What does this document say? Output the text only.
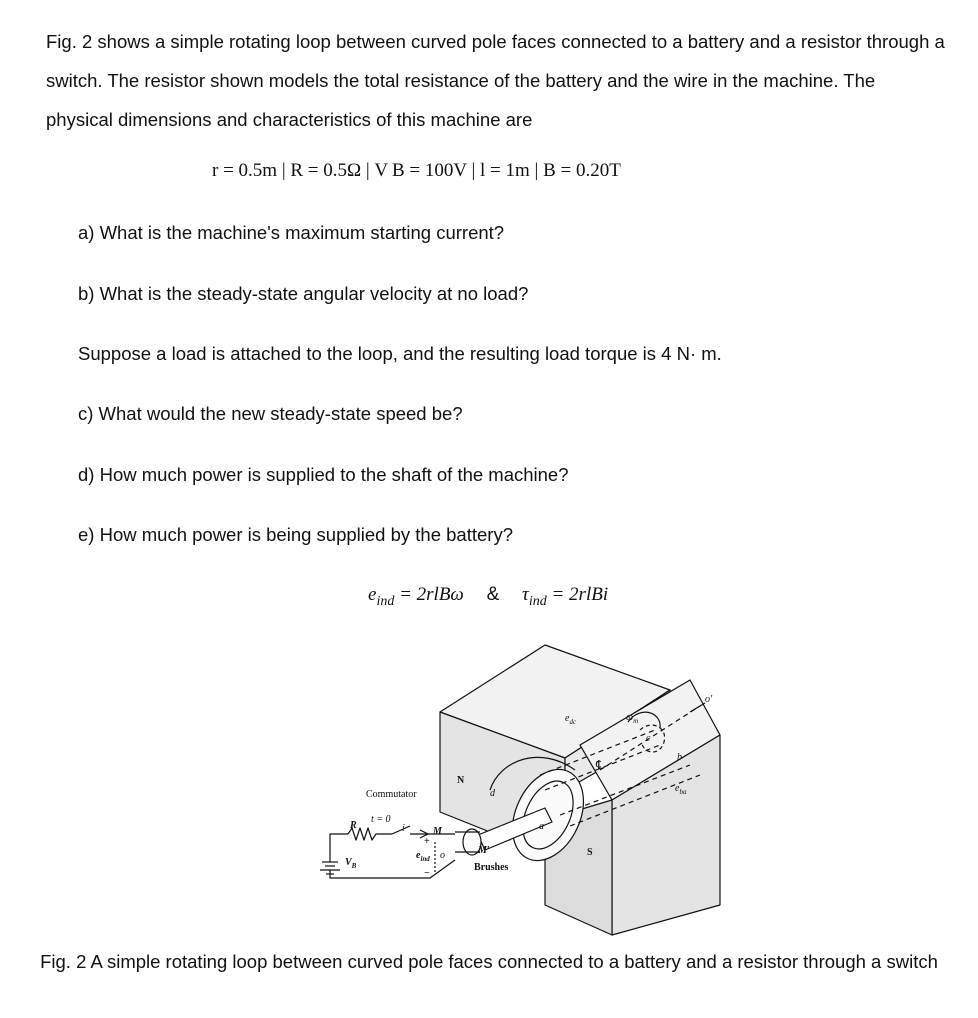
Fig. 2 shows a simple rotating loop between curved pole faces connected to a battery and a resistor through a switch. The resistor shown models the total resistance of the battery and the wire in the machine. The physical dimensions and characteristics of this machine are
r = 0.5m | R = 0.5Ω | V B = 100V | l = 1m | B = 0.20T
a) What is the machine's maximum starting current?
b) What is the steady-state angular velocity at no load?
Suppose a load is attached to the loop, and the resulting load torque is 4 N· m.
c) What would the new steady-state speed be?
d) How much power is supplied to the shaft of the machine?
e) How much power is being supplied by the battery?
$e_{ind} = 2rlB\omega$ & $\tau_{ind}$ = 2rlBi
N
S
Commutator
Brushes
t = 0
R
$V_B$
i
$e_{ind}$
+
−
M
M′
o
o′
$\omega_m$
$e_{dc}$
$e_{ba}$
a
b
c
d
℄
Fig. 2 A simple rotating loop between curved pole faces connected to a battery and a resistor through a switch
